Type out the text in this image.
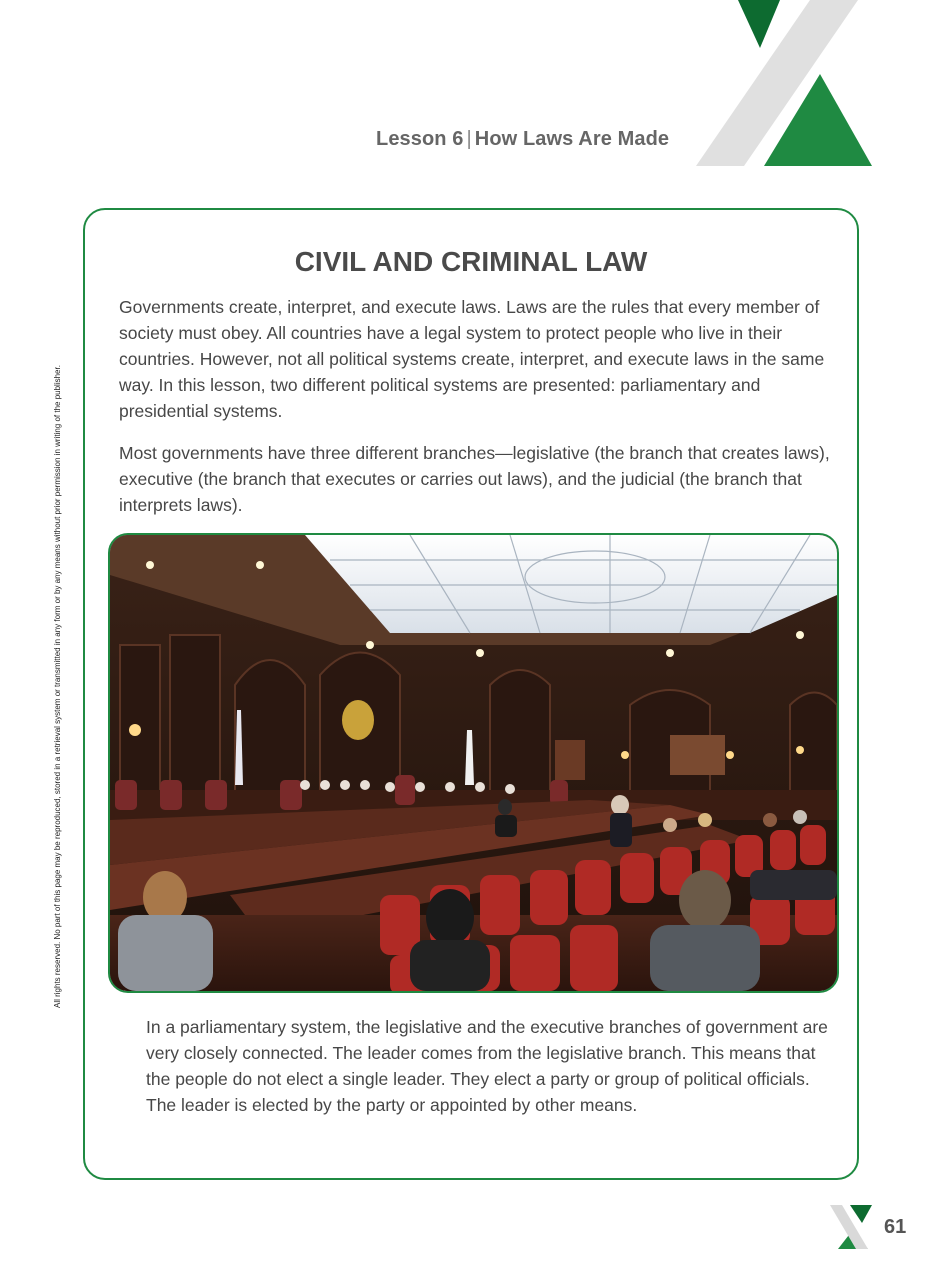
Lesson 6 | How Laws Are Made
All rights reserved. No part of this page may be reproduced, stored in a retrieval system or transmitted in any form or by any means without prior permission in writing of the publisher.
CIVIL AND CRIMINAL LAW

Governments create, interpret, and execute laws. Laws are the rules that every member of society must obey. All countries have a legal system to protect people who live in their countries. However, not all political systems create, interpret, and execute laws in the same way. In this lesson, two different political systems are presented: parliamentary and presidential systems.

Most governments have three different branches—legislative (the branch that creates laws), executive (the branch that executes or carries out laws), and the judicial (the branch that interprets laws).

In a parliamentary system, the legislative and the executive branches of government are very closely connected. The leader comes from the legislative branch. This means that the people do not elect a single leader. They elect a party or group of political officials. The leader is elected by the party or appointed by other means.

61
